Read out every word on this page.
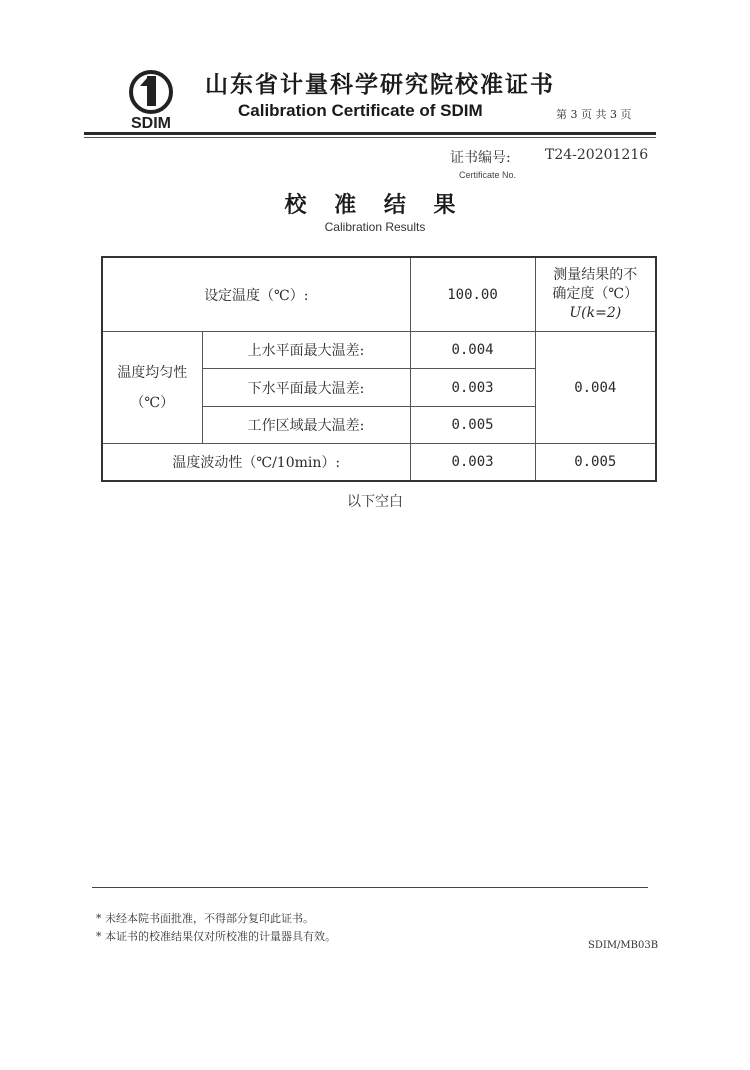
SDIM
山东省计量科学研究院校准证书
Calibration Certificate of SDIM	第 3 页 共 3 页
证书编号: T24-20201216
Certificate No.
校 准 结 果
Calibration Results
设定温度（℃）:		100.00	测量结果的不
确定度（℃）
U(k=2)

温度均匀性
（℃）	上水平面最大温差:	0.004	0.004
	下水平面最大温差:	0.003	
	工作区域最大温差:	0.005	
温度波动性（℃/10min）:		0.003	0.005
以下空白
* 未经本院书面批准，不得部分复印此证书。
* 本证书的校准结果仅对所校准的计量器具有效。
SDIM/MB03B
